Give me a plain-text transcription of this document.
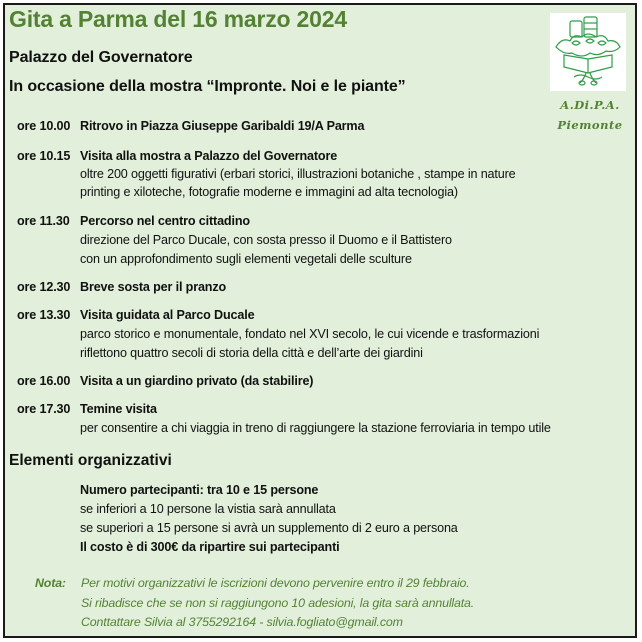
Gita a Parma del 16 marzo 2024
Palazzo del Governatore
In occasione della mostra “Impronte. Noi e le piante”
A.Di.P.A.
Piemonte
ore 10.00 Ritrovo in Piazza Giuseppe Garibaldi 19/A Parma
ore 10.15 Visita alla mostra a Palazzo del Governatore
oltre 200 oggetti figurativi (erbari storici, illustrazioni botaniche , stampe in nature
printing e xiloteche, fotografie moderne e immagini ad alta tecnologia)
ore 11.30 Percorso nel centro cittadino
direzione del Parco Ducale, con sosta presso il Duomo e il Battistero
con un approfondimento sugli elementi vegetali delle sculture
ore 12.30 Breve sosta per il pranzo
ore 13.30 Visita guidata al Parco Ducale
parco storico e monumentale, fondato nel XVI secolo, le cui vicende e trasformazioni
riflettono quattro secoli di storia della città e dell’arte dei giardini
ore 16.00 Visita a un giardino privato (da stabilire)
ore 17.30 Temine visita
per consentire a chi viaggia in treno di raggiungere la stazione ferroviaria in tempo utile
Elementi organizzativi
Numero partecipanti: tra 10 e 15 persone
se inferiori a 10 persone la vistia sarà annullata
se superiori a 15 persone si avrà un supplemento di 2 euro a persona
Il costo è di 300€ da ripartire sui partecipanti
Nota: Per motivi organizzativi le iscrizioni devono pervenire entro il 29 febbraio.
Si ribadisce che se non si raggiungono 10 adesioni, la gita sarà annullata.
Conttattare Silvia al 3755292164 - silvia.fogliato@gmail.com
